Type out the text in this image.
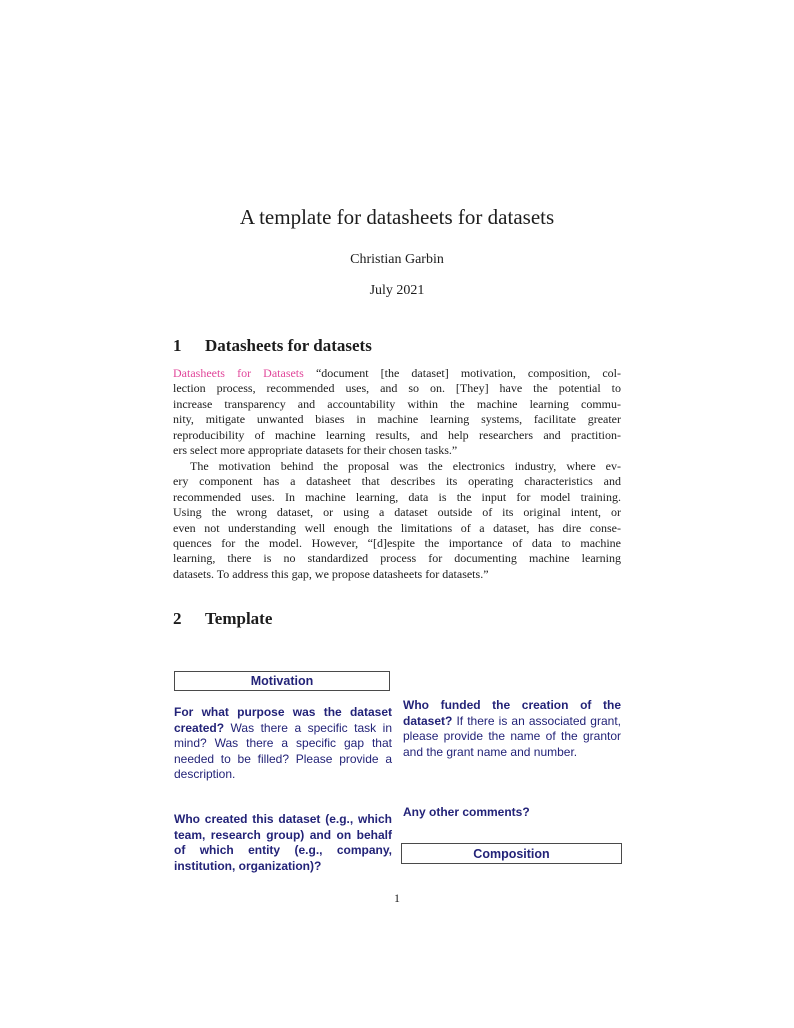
A template for datasheets for datasets
Christian Garbin
July 2021
1 Datasheets for datasets
Datasheets for Datasets “document [the dataset] motivation, composition, col-
lection process, recommended uses, and so on. [They] have the potential to
increase transparency and accountability within the machine learning commu-
nity, mitigate unwanted biases in machine learning systems, facilitate greater
reproducibility of machine learning results, and help researchers and practition-
ers select more appropriate datasets for their chosen tasks.”
The motivation behind the proposal was the electronics industry, where ev-
ery component has a datasheet that describes its operating characteristics and
recommended uses. In machine learning, data is the input for model training.
Using the wrong dataset, or using a dataset outside of its original intent, or
even not understanding well enough the limitations of a dataset, has dire conse-
quences for the model. However, “[d]espite the importance of data to machine
learning, there is no standardized process for documenting machine learning
datasets. To address this gap, we propose datasheets for datasets.”
2 Template
Motivation

For what purpose was the dataset created? Was there a specific task in mind? Was there a specific gap that needed to be filled? Please provide a description.

Who created this dataset (e.g., which team, research group) and on behalf of which entity (e.g., company, institution, organization)?

Who funded the creation of the dataset? If there is an associated grant, please provide the name of the grantor and the grant name and number.

Any other comments?

Composition
1
